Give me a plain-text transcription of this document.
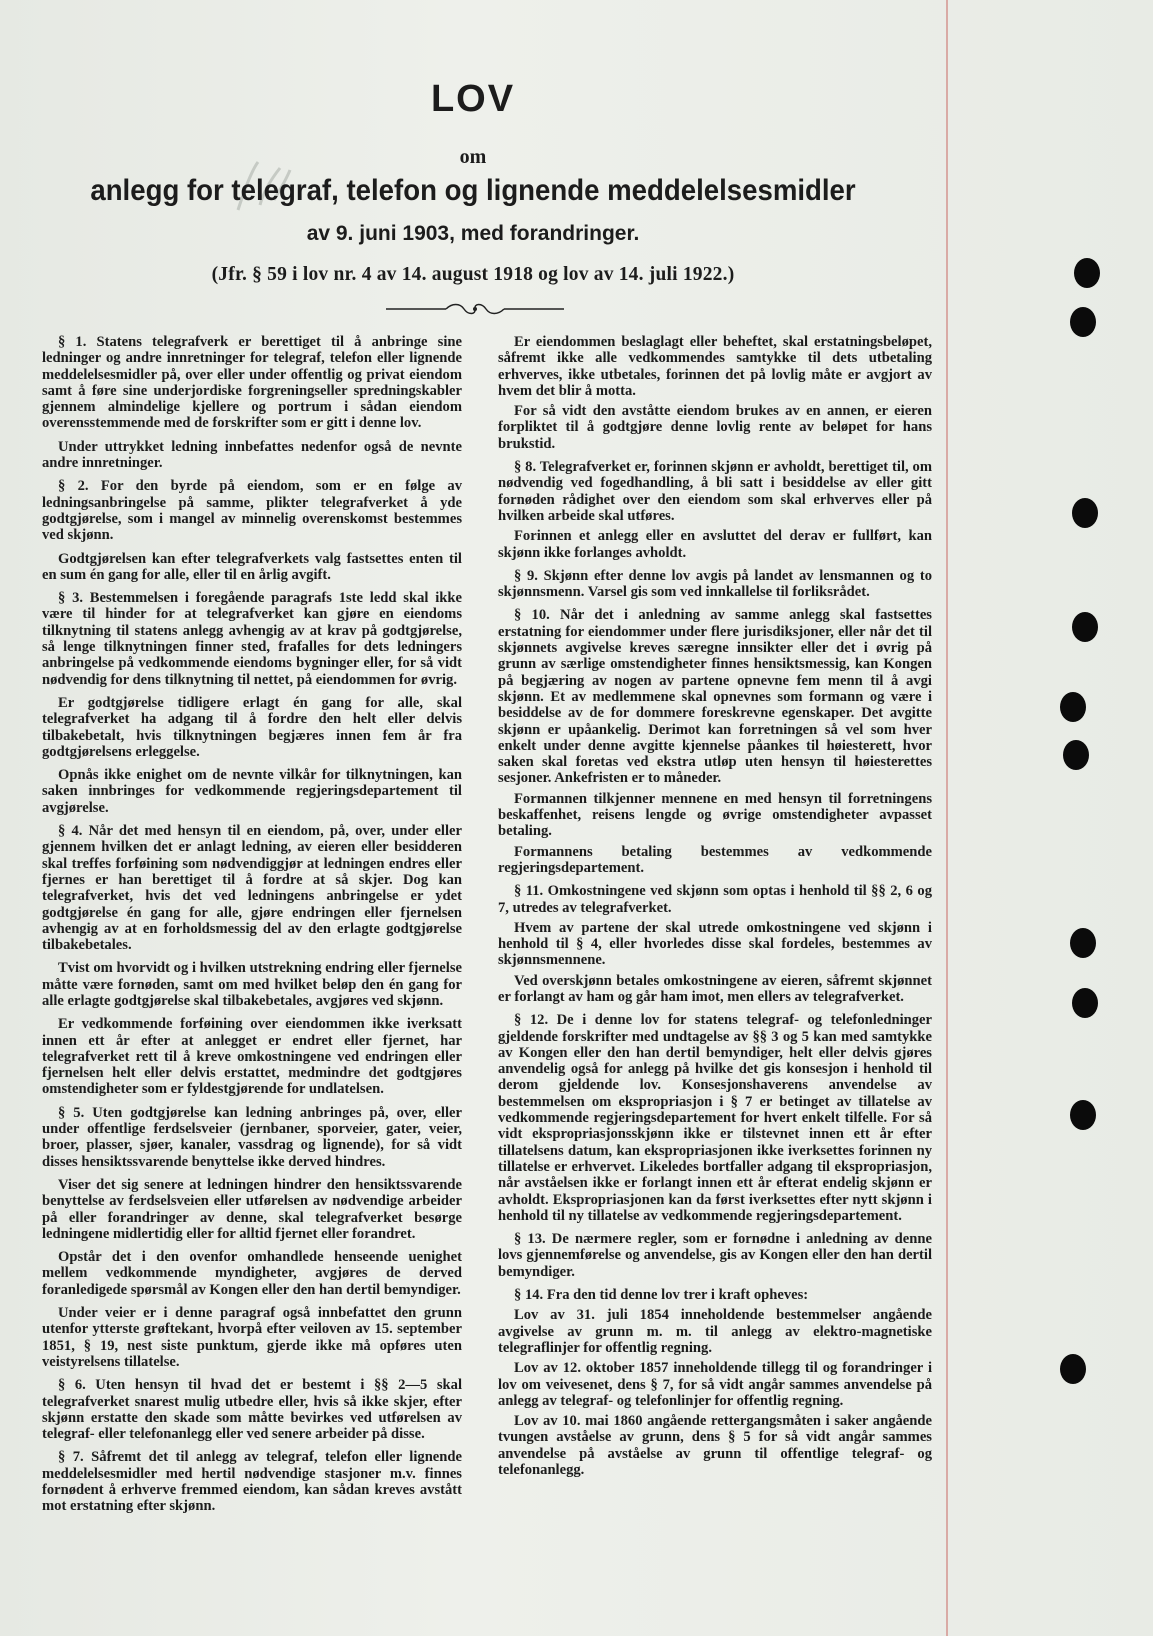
LOV
om
anlegg for telegraf, telefon og lignende meddelelsesmidler
av 9. juni 1903, med forandringer.
(Jfr. § 59 i lov nr. 4 av 14. august 1918 og lov av 14. juli 1922.)

§ 1. Statens telegrafverk er berettiget til å anbringe sine ledninger og andre innretninger for telegraf, telefon eller lignende meddelelsesmidler på, over eller under offentlig og privat eiendom samt å føre sine underjordiske forgreningseller spredningskabler gjennem almindelige kjellere og portrum i sådan eiendom overensstemmende med de forskrifter som er gitt i denne lov.

Under uttrykket ledning innbefattes nedenfor også de nevnte andre innretninger.

§ 2. For den byrde på eiendom, som er en følge av ledningsanbringelse på samme, plikter telegrafverket å yde godtgjørelse, som i mangel av minnelig overenskomst bestemmes ved skjønn.

Godtgjørelsen kan efter telegrafverkets valg fastsettes enten til en sum én gang for alle, eller til en årlig avgift.

§ 3. Bestemmelsen i foregående paragrafs 1ste ledd skal ikke være til hinder for at telegrafverket kan gjøre en eiendoms tilknytning til statens anlegg avhengig av at krav på godtgjørelse, så lenge tilknytningen finner sted, frafalles for dets ledningers anbringelse på vedkommende eiendoms bygninger eller, for så vidt nødvendig for dens tilknytning til nettet, på eiendommen for øvrig.

Er godtgjørelse tidligere erlagt én gang for alle, skal telegrafverket ha adgang til å fordre den helt eller delvis tilbakebetalt, hvis tilknytningen begjæres innen fem år fra godtgjørelsens erleggelse.

Opnås ikke enighet om de nevnte vilkår for tilknytningen, kan saken innbringes for vedkommende regjeringsdepartement til avgjørelse.

§ 4. Når det med hensyn til en eiendom, på, over, under eller gjennem hvilken det er anlagt ledning, av eieren eller besidderen skal treffes forføining som nødvendiggjør at ledningen endres eller fjernes er han berettiget til å fordre at så skjer. Dog kan telegrafverket, hvis det ved ledningens anbringelse er ydet godtgjørelse én gang for alle, gjøre endringen eller fjernelsen avhengig av at en forholdsmessig del av den erlagte godtgjørelse tilbakebetales.

Tvist om hvorvidt og i hvilken utstrekning endring eller fjernelse måtte være fornøden, samt om med hvilket beløp den én gang for alle erlagte godtgjørelse skal tilbakebetales, avgjøres ved skjønn.

Er vedkommende forføining over eiendommen ikke iverksatt innen ett år efter at anlegget er endret eller fjernet, har telegrafverket rett til å kreve omkostningene ved endringen eller fjernelsen helt eller delvis erstattet, medmindre det godtgjøres omstendigheter som er fyldestgjørende for undlatelsen.

§ 5. Uten godtgjørelse kan ledning anbringes på, over, eller under offentlige ferdselsveier (jernbaner, sporveier, gater, veier, broer, plasser, sjøer, kanaler, vassdrag og lignende), for så vidt disses hensiktssvarende benyttelse ikke derved hindres.

Viser det sig senere at ledningen hindrer den hensiktssvarende benyttelse av ferdselsveien eller utførelsen av nødvendige arbeider på eller forandringer av denne, skal telegrafverket besørge ledningene midlertidig eller for alltid fjernet eller forandret.

Opstår det i den ovenfor omhandlede henseende uenighet mellem vedkommende myndigheter, avgjøres de derved foranledigede spørsmål av Kongen eller den han dertil bemyndiger.

Under veier er i denne paragraf også innbefattet den grunn utenfor ytterste grøftekant, hvorpå efter veiloven av 15. september 1851, § 19, nest siste punktum, gjerde ikke må opføres uten veistyrelsens tillatelse.

§ 6. Uten hensyn til hvad det er bestemt i §§ 2—5 skal telegrafverket snarest mulig utbedre eller, hvis så ikke skjer, efter skjønn erstatte den skade som måtte bevirkes ved utførelsen av telegraf- eller telefonanlegg eller ved senere arbeider på disse.

§ 7. Såfremt det til anlegg av telegraf, telefon eller lignende meddelelsesmidler med hertil nødvendige stasjoner m.v. finnes fornødent å erhverve fremmed eiendom, kan sådan kreves avstått mot erstatning efter skjønn.

Er eiendommen beslaglagt eller beheftet, skal erstatningsbeløpet, såfremt ikke alle vedkommendes samtykke til dets utbetaling erhverves, ikke utbetales, forinnen det på lovlig måte er avgjort av hvem det blir å motta.

For så vidt den avståtte eiendom brukes av en annen, er eieren forpliktet til å godtgjøre denne lovlig rente av beløpet for hans brukstid.

§ 8. Telegrafverket er, forinnen skjønn er avholdt, berettiget til, om nødvendig ved fogedhandling, å bli satt i besiddelse av eller gitt fornøden rådighet over den eiendom som skal erhverves eller på hvilken arbeide skal utføres.

Forinnen et anlegg eller en avsluttet del derav er fullført, kan skjønn ikke forlanges avholdt.

§ 9. Skjønn efter denne lov avgis på landet av lensmannen og to skjønnsmenn. Varsel gis som ved innkallelse til forliksrådet.

§ 10. Når det i anledning av samme anlegg skal fastsettes erstatning for eiendommer under flere jurisdiksjoner, eller når det til skjønnets avgivelse kreves særegne innsikter eller det i øvrig på grunn av særlige omstendigheter finnes hensiktsmessig, kan Kongen på begjæring av nogen av partene opnevne fem menn til å avgi skjønn. Et av medlemmene skal opnevnes som formann og være i besiddelse av de for dommere foreskrevne egenskaper. Det avgitte skjønn er upåankelig. Derimot kan forretningen så vel som hver enkelt under denne avgitte kjennelse påankes til høiesterett, hvor saken skal foretas ved ekstra utløp uten hensyn til høiesterettes sesjoner. Ankefristen er to måneder.

Formannen tilkjenner mennene en med hensyn til forretningens beskaffenhet, reisens lengde og øvrige omstendigheter avpasset betaling.

Formannens betaling bestemmes av vedkommende regjeringsdepartement.

§ 11. Omkostningene ved skjønn som optas i henhold til §§ 2, 6 og 7, utredes av telegrafverket.

Hvem av partene der skal utrede omkostningene ved skjønn i henhold til § 4, eller hvorledes disse skal fordeles, bestemmes av skjønnsmennene.

Ved overskjønn betales omkostningene av eieren, såfremt skjønnet er forlangt av ham og går ham imot, men ellers av telegrafverket.

§ 12. De i denne lov for statens telegraf- og telefonledninger gjeldende forskrifter med undtagelse av §§ 3 og 5 kan med samtykke av Kongen eller den han dertil bemyndiger, helt eller delvis gjøres anvendelig også for anlegg på hvilke det gis konsesjon i henhold til derom gjeldende lov. Konsesjonshaverens anvendelse av bestemmelsen om ekspropriasjon i § 7 er betinget av tillatelse av vedkommende regjeringsdepartement for hvert enkelt tilfelle. For så vidt ekspropriasjonsskjønn ikke er tilstevnet innen ett år efter tillatelsens datum, kan ekspropriasjonen ikke iverksettes forinnen ny tillatelse er erhvervet. Likeledes bortfaller adgang til ekspropriasjon, når avståelsen ikke er forlangt innen ett år efterat endelig skjønn er avholdt. Ekspropriasjonen kan da først iverksettes efter nytt skjønn i henhold til ny tillatelse av vedkommende regjeringsdepartement.

§ 13. De nærmere regler, som er fornødne i anledning av denne lovs gjennemførelse og anvendelse, gis av Kongen eller den han dertil bemyndiger.

§ 14. Fra den tid denne lov trer i kraft opheves:

Lov av 31. juli 1854 inneholdende bestemmelser angående avgivelse av grunn m. m. til anlegg av elektro-magnetiske telegraflinjer for offentlig regning.

Lov av 12. oktober 1857 inneholdende tillegg til og forandringer i lov om veivesenet, dens § 7, for så vidt angår sammes anvendelse på anlegg av telegraf- og telefonlinjer for offentlig regning.

Lov av 10. mai 1860 angående rettergangsmåten i saker angående tvungen avståelse av grunn, dens § 5 for så vidt angår sammes anvendelse på avståelse av grunn til offentlige telegraf- og telefonanlegg.
